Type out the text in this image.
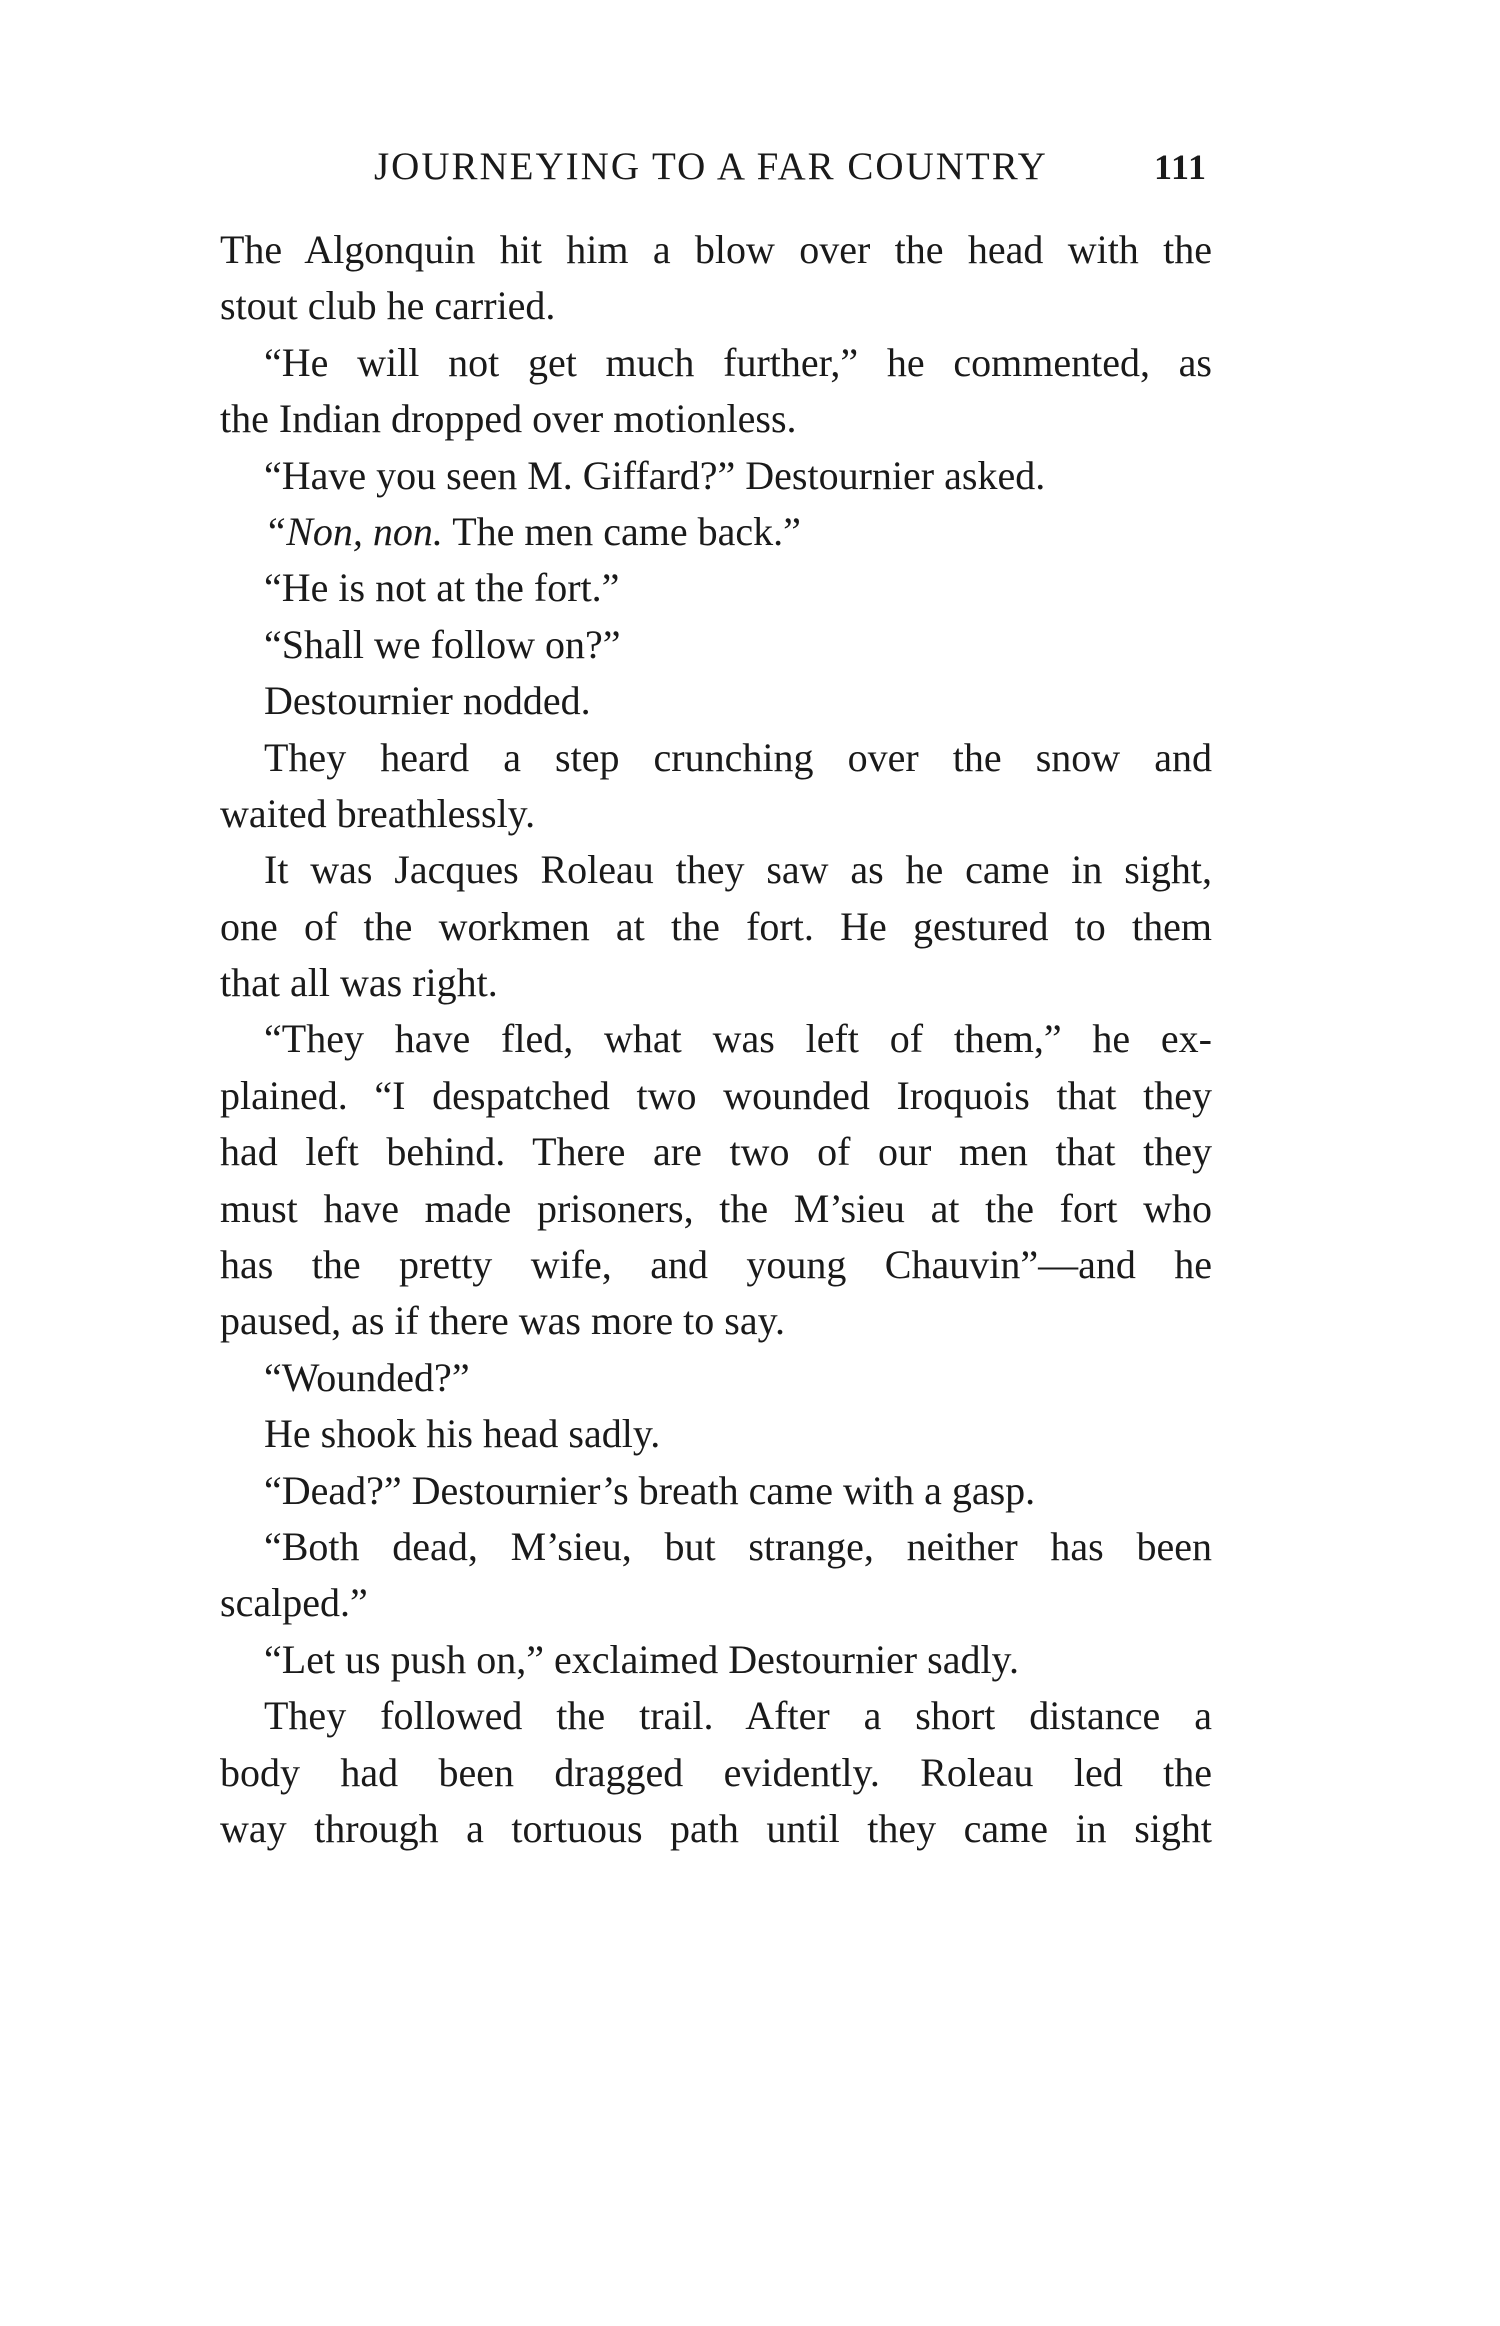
JOURNEYING TO A FAR COUNTRY	111
The Algonquin hit him a blow over the head with the
stout club he carried.
“He will not get much further,” he commented, as
the Indian dropped over motionless.
“Have you seen M. Giffard?” Destournier asked.
“Non, non. The men came back.”
“He is not at the fort.”
“Shall we follow on?”
Destournier nodded.
They heard a step crunching over the snow and
waited breathlessly.
It was Jacques Roleau they saw as he came in sight,
one of the workmen at the fort. He gestured to them
that all was right.
“They have fled, what was left of them,” he ex-
plained. “I despatched two wounded Iroquois that they
had left behind. There are two of our men that they
must have made prisoners, the M’sieu at the fort who
has the pretty wife, and young Chauvin”—and he
paused, as if there was more to say.
“Wounded?”
He shook his head sadly.
“Dead?” Destournier’s breath came with a gasp.
“Both dead, M’sieu, but strange, neither has been
scalped.”
“Let us push on,” exclaimed Destournier sadly.
They followed the trail. After a short distance a
body had been dragged evidently. Roleau led the
way through a tortuous path until they came in sight
